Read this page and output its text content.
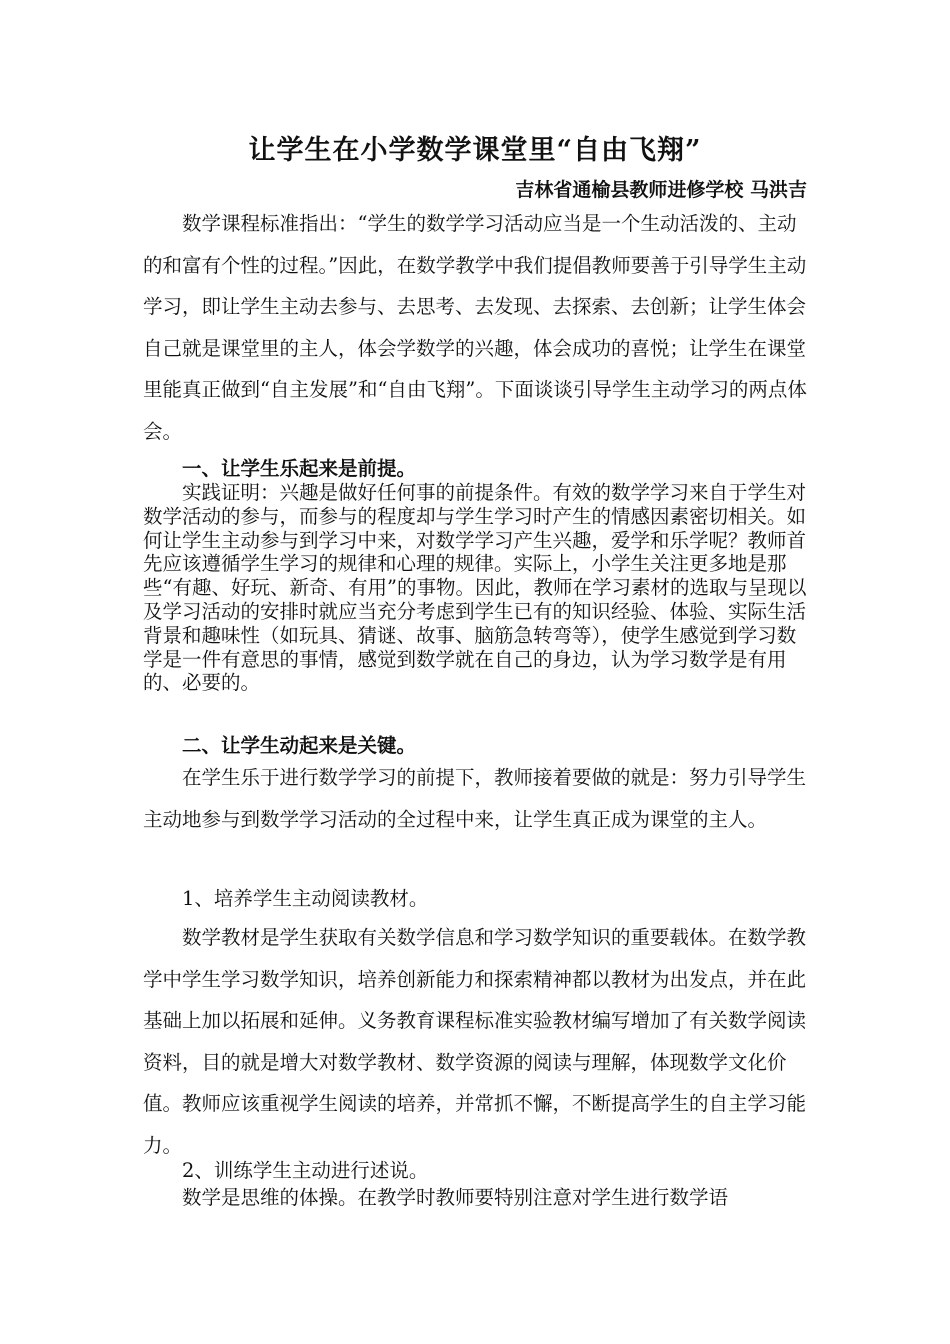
让学生在小学数学课堂里“自由飞翔”
吉林省通榆县教师进修学校 马洪吉
数学课程标准指出：“学生的数学学习活动应当是一个生动活泼的、主动的和富有个性的过程。”因此，在数学教学中我们提倡教师要善于引导学生主动学习，即让学生主动去参与、去思考、去发现、去探索、去创新；让学生体会自己就是课堂里的主人，体会学数学的兴趣，体会成功的喜悦；让学生在课堂里能真正做到“自主发展”和“自由飞翔”。下面谈谈引导学生主动学习的两点体会。
一、让学生乐起来是前提。
实践证明：兴趣是做好任何事的前提条件。有效的数学学习来自于学生对数学活动的参与，而参与的程度却与学生学习时产生的情感因素密切相关。如何让学生主动参与到学习中来，对数学学习产生兴趣，爱学和乐学呢？教师首先应该遵循学生学习的规律和心理的规律。实际上，小学生关注更多地是那些“有趣、好玩、新奇、有用”的事物。因此，教师在学习素材的选取与呈现以及学习活动的安排时就应当充分考虑到学生已有的知识经验、体验、实际生活背景和趣味性（如玩具、猜谜、故事、脑筋急转弯等），使学生感觉到学习数学是一件有意思的事情，感觉到数学就在自己的身边，认为学习数学是有用的、必要的。
二、让学生动起来是关键。
在学生乐于进行数学学习的前提下，教师接着要做的就是：努力引导学生主动地参与到数学学习活动的全过程中来，让学生真正成为课堂的主人。
1、培养学生主动阅读教材。
数学教材是学生获取有关数学信息和学习数学知识的重要载体。在数学教学中学生学习数学知识，培养创新能力和探索精神都以教材为出发点，并在此基础上加以拓展和延伸。义务教育课程标准实验教材编写增加了有关数学阅读资料，目的就是增大对数学教材、数学资源的阅读与理解，体现数学文化价值。教师应该重视学生阅读的培养，并常抓不懈，不断提高学生的自主学习能力。
2、训练学生主动进行述说。
数学是思维的体操。在教学时教师要特别注意对学生进行数学语
